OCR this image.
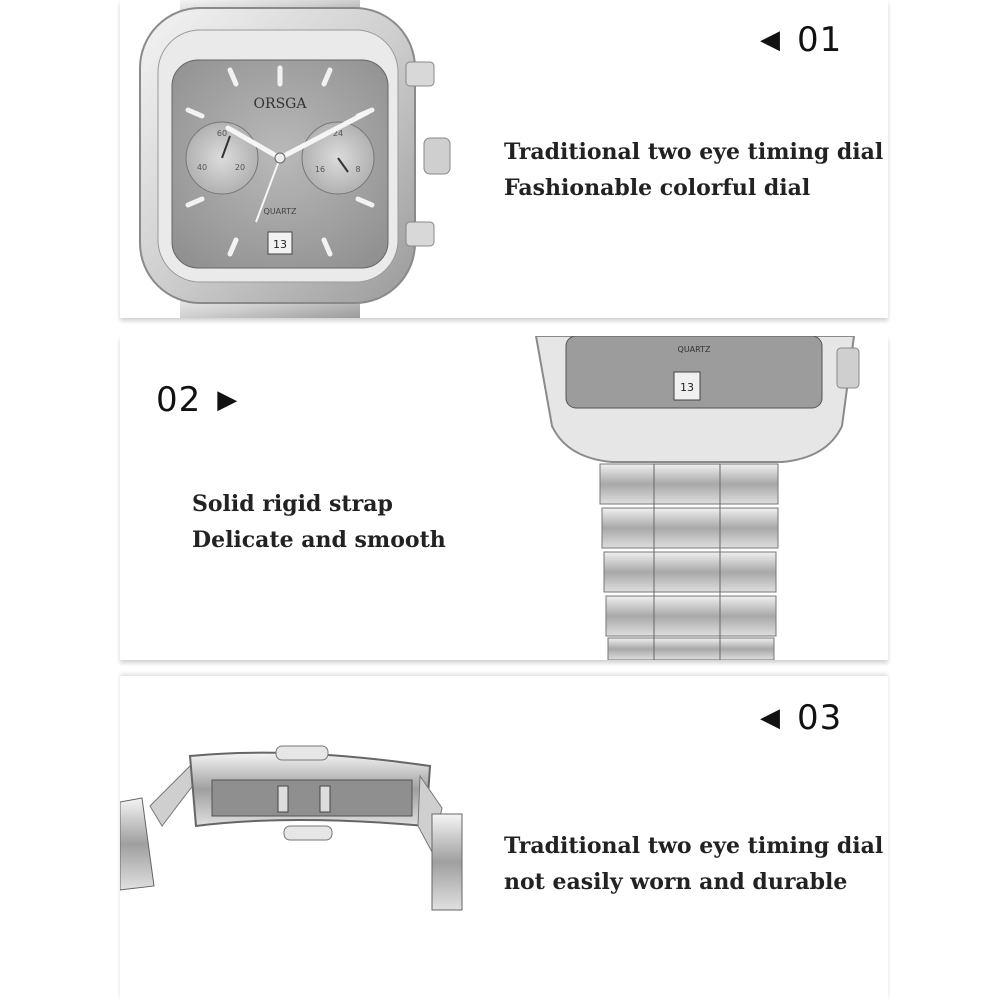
60
40	20
24
16	8
ORSGA
QUARTZ
13
◀ 01
Traditional two eye timing dial
Fashionable colorful dial
02 ▶
Solid rigid strap
Delicate and smooth
QUARTZ
13
◀ 03
Traditional two eye timing dial
not easily worn and durable
